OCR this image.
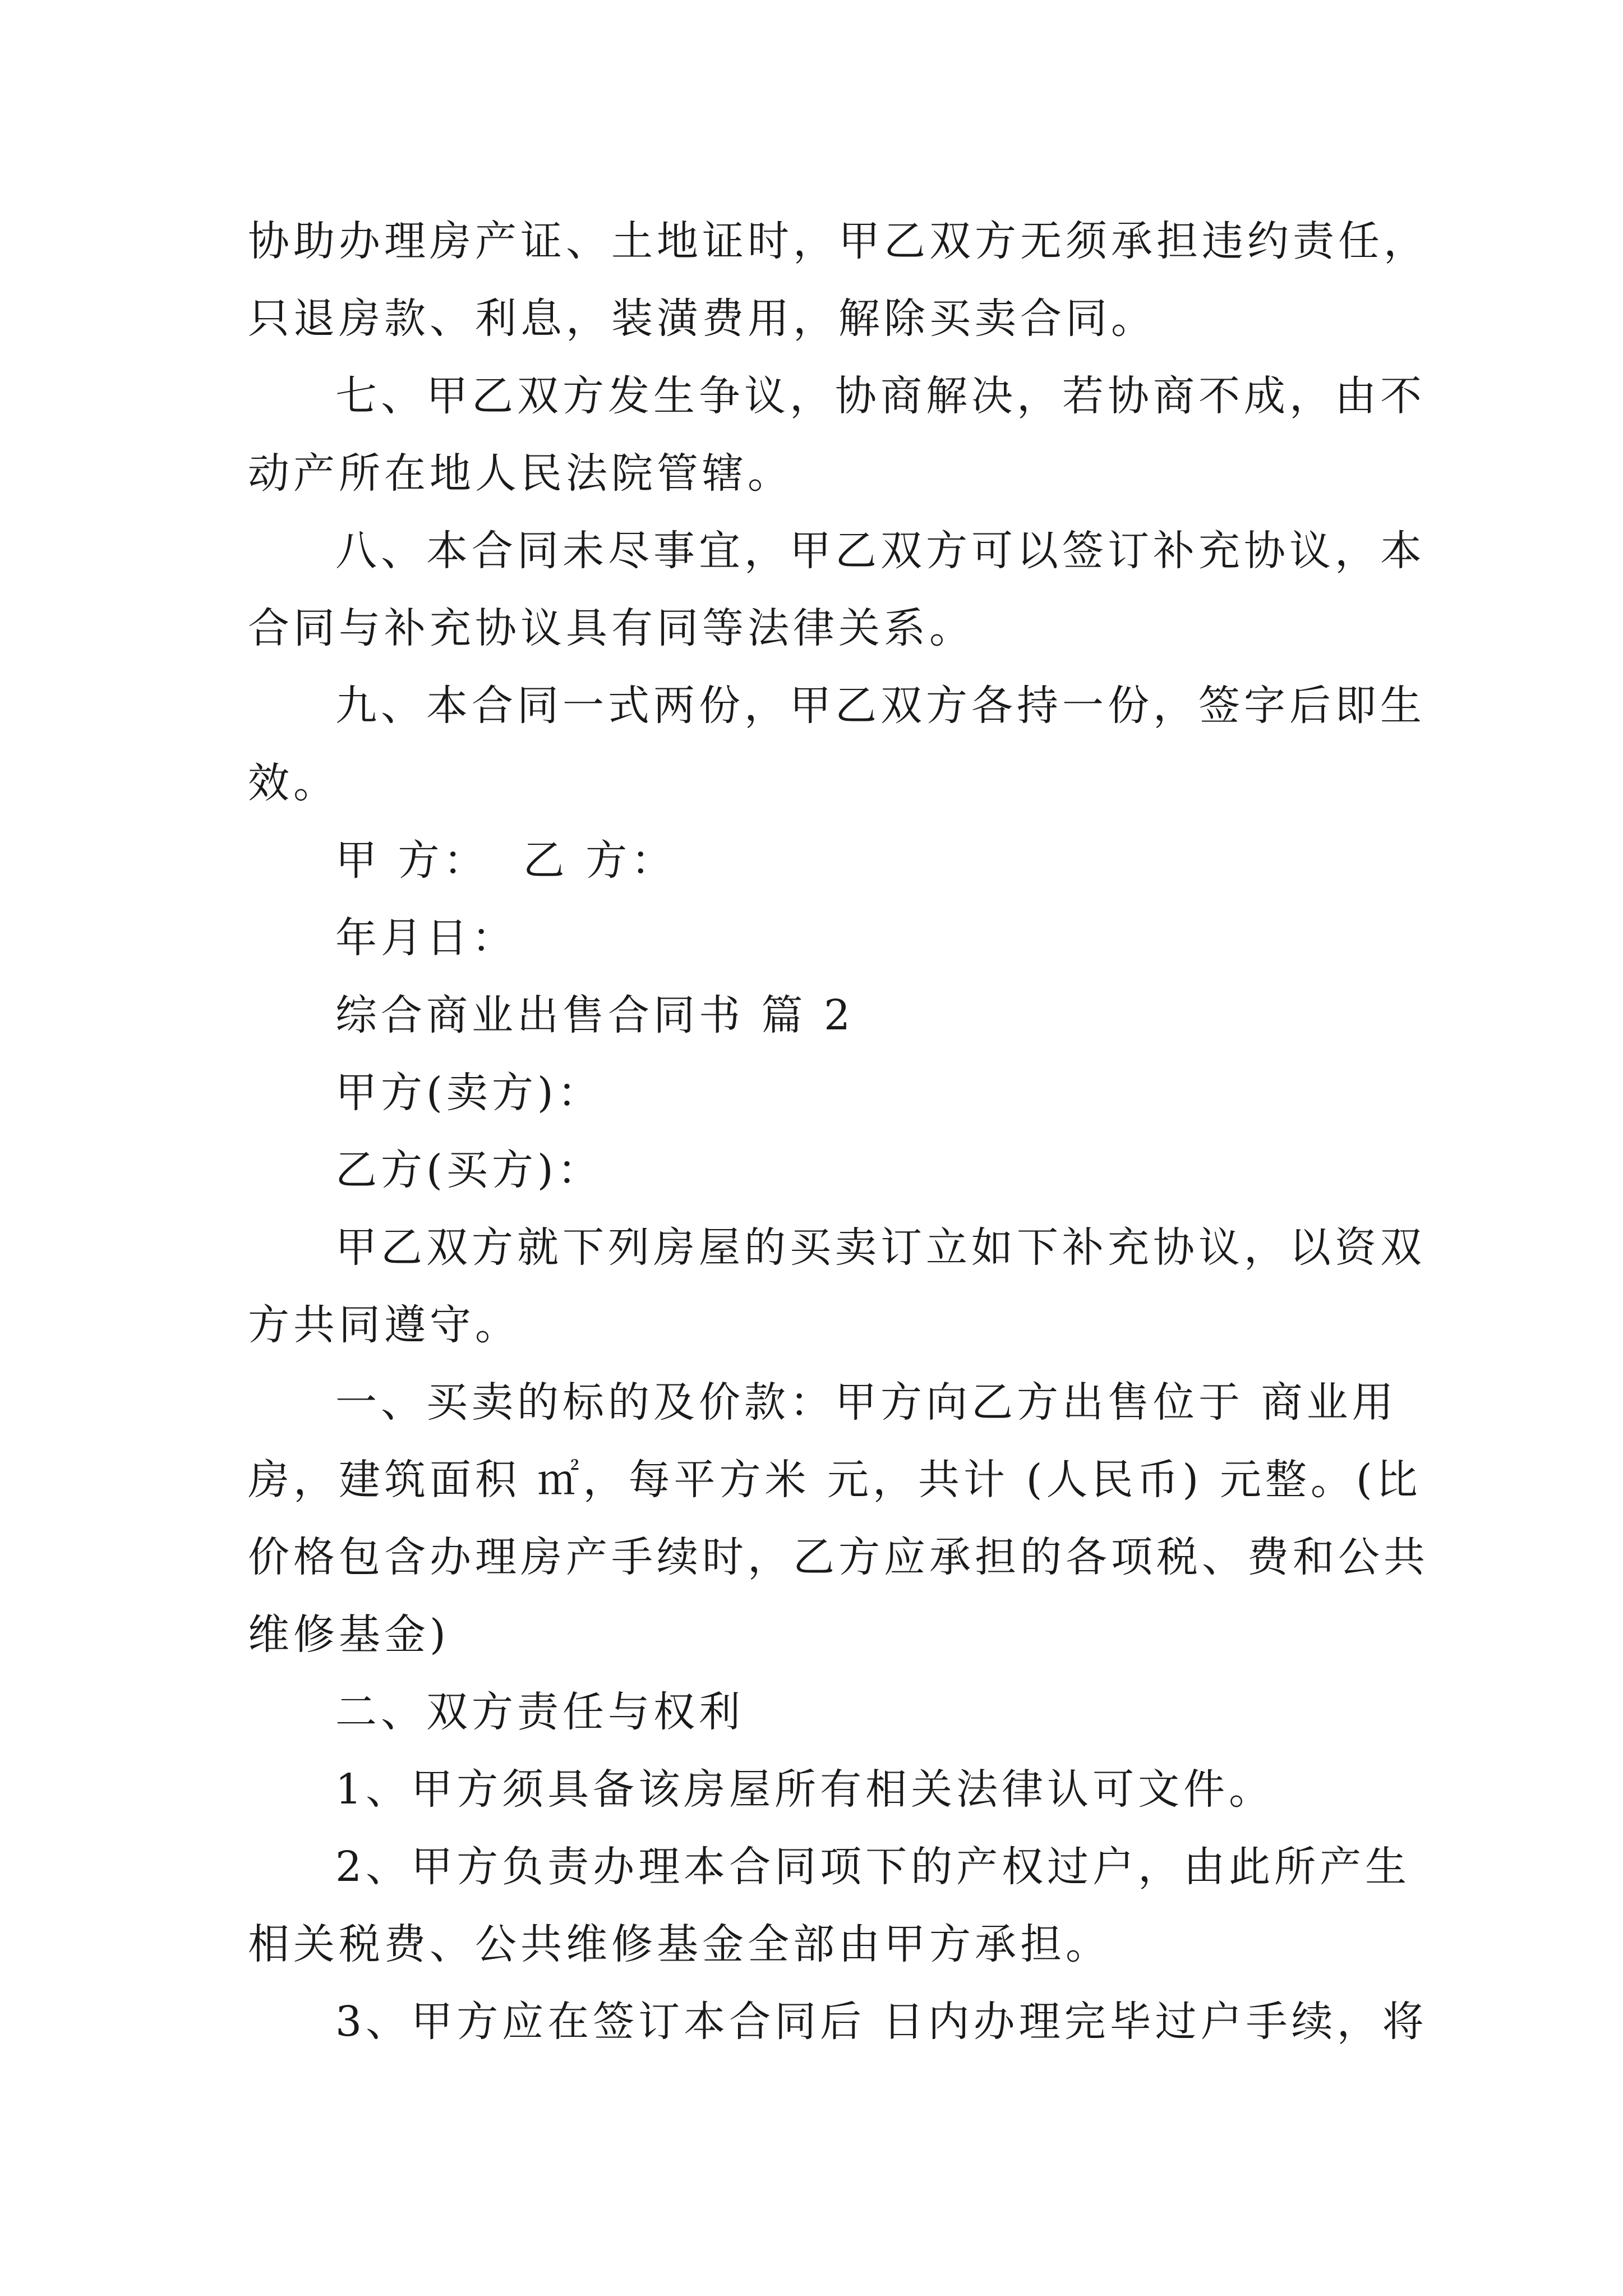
协助办理房产证、土地证时，甲乙双方无须承担违约责任，
只退房款、利息，装潢费用，解除买卖合同。
七、甲乙双方发生争议，协商解决，若协商不成，由不
动产所在地人民法院管辖。
八、本合同未尽事宜，甲乙双方可以签订补充协议，本
合同与补充协议具有同等法律关系。
九、本合同一式两份，甲乙双方各持一份，签字后即生
效。
甲 方：  乙 方：
年月日：
综合商业出售合同书 篇 2
甲方(卖方)：
乙方(买方)：
甲乙双方就下列房屋的买卖订立如下补充协议，以资双
方共同遵守。
一、买卖的标的及价款：甲方向乙方出售位于 商业用
房，建筑面积 ㎡，每平方米 元，共计 (人民币) 元整。(比
价格包含办理房产手续时，乙方应承担的各项税、费和公共
维修基金)
二、双方责任与权利
1、甲方须具备该房屋所有相关法律认可文件。
2、甲方负责办理本合同项下的产权过户，由此所产生
相关税费、公共维修基金全部由甲方承担。
3、甲方应在签订本合同后 日内办理完毕过户手续，将
